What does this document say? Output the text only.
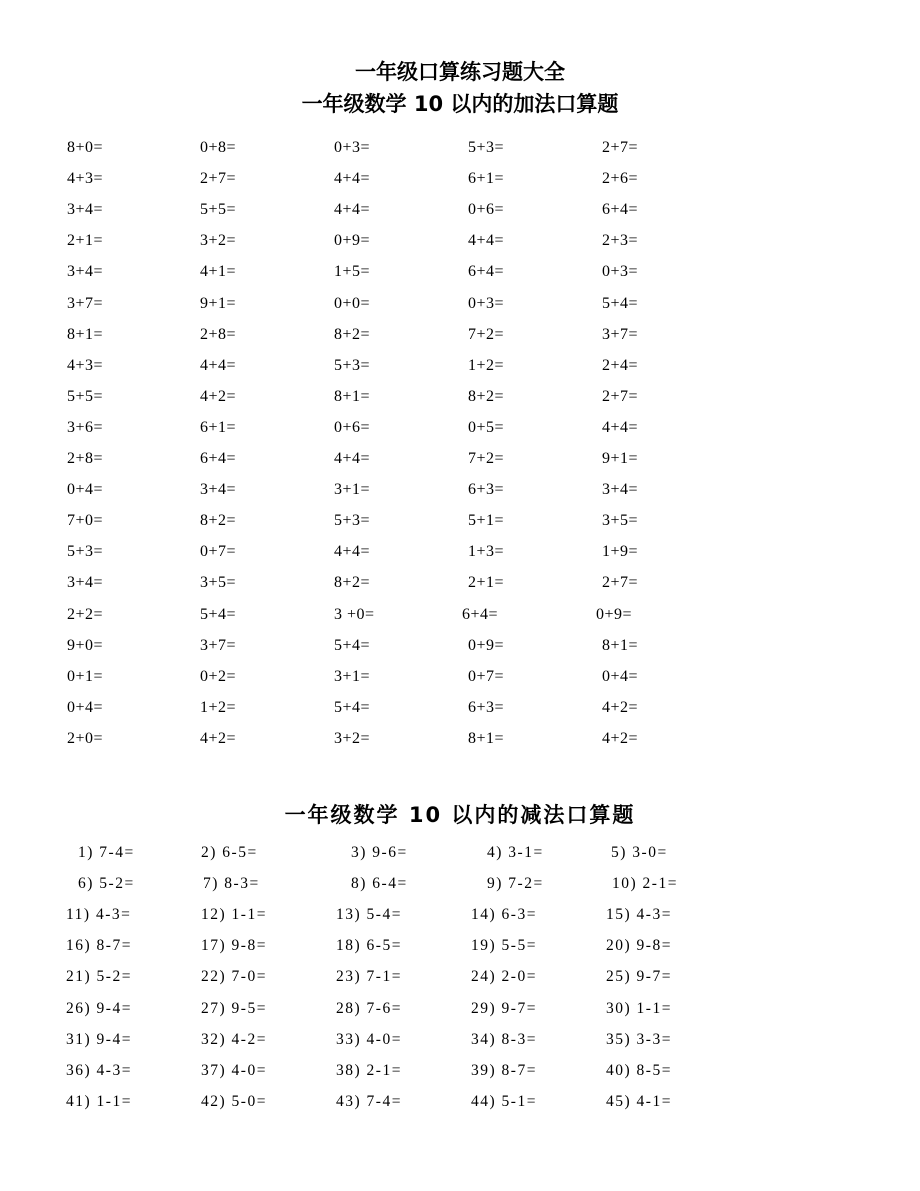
一年级口算练习题大全
一年级数学 10 以内的加法口算题
8+0=	0+8=	0+3=	5+3=	2+7=
4+3=	2+7=	4+4=	6+1=	2+6=
3+4=	5+5=	4+4=	0+6=	6+4=
2+1=	3+2=	0+9=	4+4=	2+3=
3+4=	4+1=	1+5=	6+4=	0+3=
3+7=	9+1=	0+0=	0+3=	5+4=
8+1=	2+8=	8+2=	7+2=	3+7=
4+3=	4+4=	5+3=	1+2=	2+4=
5+5=	4+2=	8+1=	8+2=	2+7=
3+6=	6+1=	0+6=	0+5=	4+4=
2+8=	6+4=	4+4=	7+2=	9+1=
0+4=	3+4=	3+1=	6+3=	3+4=
7+0=	8+2=	5+3=	5+1=	3+5=
5+3=	0+7=	4+4=	1+3=	1+9=
3+4=	3+5=	8+2=	2+1=	2+7=
2+2=	5+4=	3 +0=	6+4=	0+9=
9+0=	3+7=	5+4=	0+9=	8+1=
0+1=	0+2=	3+1=	0+7=	0+4=
0+4=	1+2=	5+4=	6+3=	4+2=
2+0=	4+2=	3+2=	8+1=	4+2=
一年级数学 10 以内的减法口算题
1) 7-4=	2) 6-5=	3) 9-6=	4) 3-1=	5) 3-0=
6) 5-2=	7) 8-3=	8) 6-4=	9) 7-2=	10) 2-1=
11) 4-3=	12) 1-1=	13) 5-4=	14) 6-3=	15) 4-3=
16) 8-7=	17) 9-8=	18) 6-5=	19) 5-5=	20) 9-8=
21) 5-2=	22) 7-0=	23) 7-1=	24) 2-0=	25) 9-7=
26) 9-4=	27) 9-5=	28) 7-6=	29) 9-7=	30) 1-1=
31) 9-4=	32) 4-2=	33) 4-0=	34) 8-3=	35) 3-3=
36) 4-3=	37) 4-0=	38) 2-1=	39) 8-7=	40) 8-5=
41) 1-1=	42) 5-0=	43) 7-4=	44) 5-1=	45) 4-1=
